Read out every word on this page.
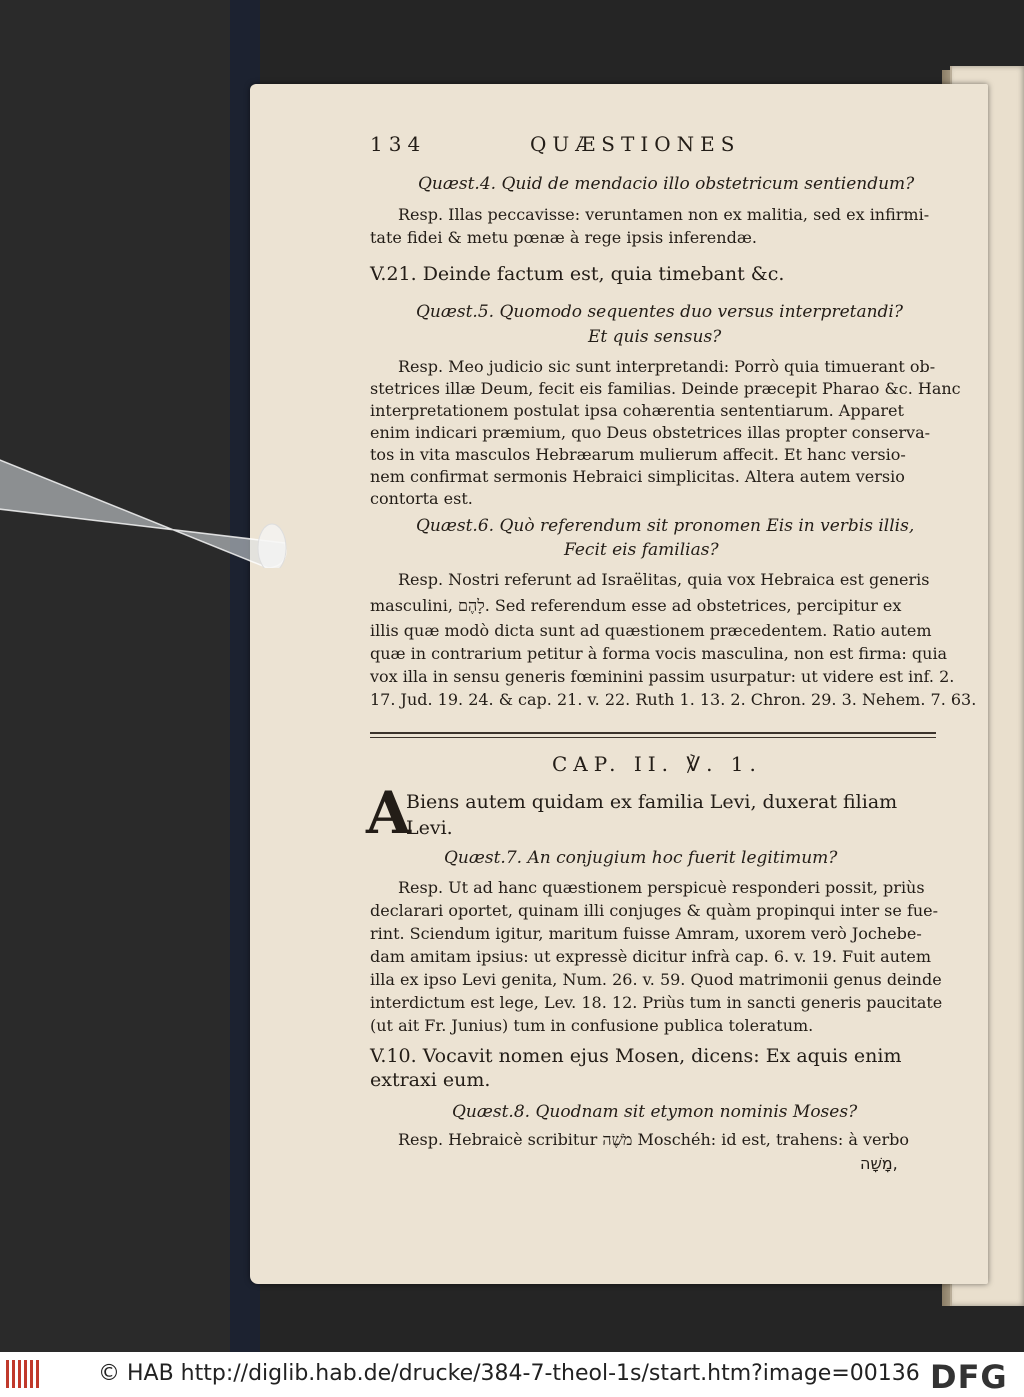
134	QUÆSTIONES
Quæst.4. Quid de mendacio illo obstetricum sentiendum?
Resp. Illas peccavisse: veruntamen non ex malitia, sed ex infirmi-
tate fidei & metu pœnæ à rege ipsis inferendæ.
V.21. Deinde factum est, quia timebant &c.
Quæst.5. Quomodo sequentes duo versus interpretandi?
Et quis sensus?
Resp. Meo judicio sic sunt interpretandi: Porrò quia timuerant ob-
stetrices illæ Deum, fecit eis familias. Deinde præcepit Pharao &c. Hanc
interpretationem postulat ipsa cohærentia sententiarum. Apparet
enim indicari præmium, quo Deus obstetrices illas propter conserva-
tos in vita masculos Hebræarum mulierum affecit. Et hanc versio-
nem confirmat sermonis Hebraici simplicitas. Altera autem versio
contorta est.
Quæst.6. Quò referendum sit pronomen Eis in verbis illis,
Fecit eis familias?
Resp. Nostri referunt ad Israëlitas, quia vox Hebraica est generis
masculini, לָהֶם. Sed referendum esse ad obstetrices, percipitur ex
illis quæ modò dicta sunt ad quæstionem præcedentem. Ratio autem
quæ in contrarium petitur à forma vocis masculina, non est firma: quia
vox illa in sensu generis fœminini passim usurpatur: ut videre est inf. 2.
17. Jud. 19. 24. & cap. 21. v. 22. Ruth 1. 13. 2. Chron. 29. 3. Nehem. 7. 63.
CAP. II. ℣. 1.
A
Biens autem quidam ex familia Levi, duxerat filiam
Levi.
Quæst.7. An conjugium hoc fuerit legitimum?
Resp. Ut ad hanc quæstionem perspicuè responderi possit, priùs
declarari oportet, quinam illi conjuges & quàm propinqui inter se fue-
rint. Sciendum igitur, maritum fuisse Amram, uxorem verò Jochebe-
dam amitam ipsius: ut expressè dicitur infrà cap. 6. v. 19. Fuit autem
illa ex ipso Levi genita, Num. 26. v. 59. Quod matrimonii genus deinde
interdictum est lege, Lev. 18. 12. Priùs tum in sancti generis paucitate
(ut ait Fr. Junius) tum in confusione publica toleratum.
V.10. Vocavit nomen ejus Mosen, dicens: Ex aquis enim
extraxi eum.
Quæst.8. Quodnam sit etymon nominis Moses?
Resp. Hebraicè scribitur מֹשֶׁה Moschéh: id est, trahens: à verbo
מָשָׁה,
© HAB http://diglib.hab.de/drucke/384-7-theol-1s/start.htm?image=00136 DFG
